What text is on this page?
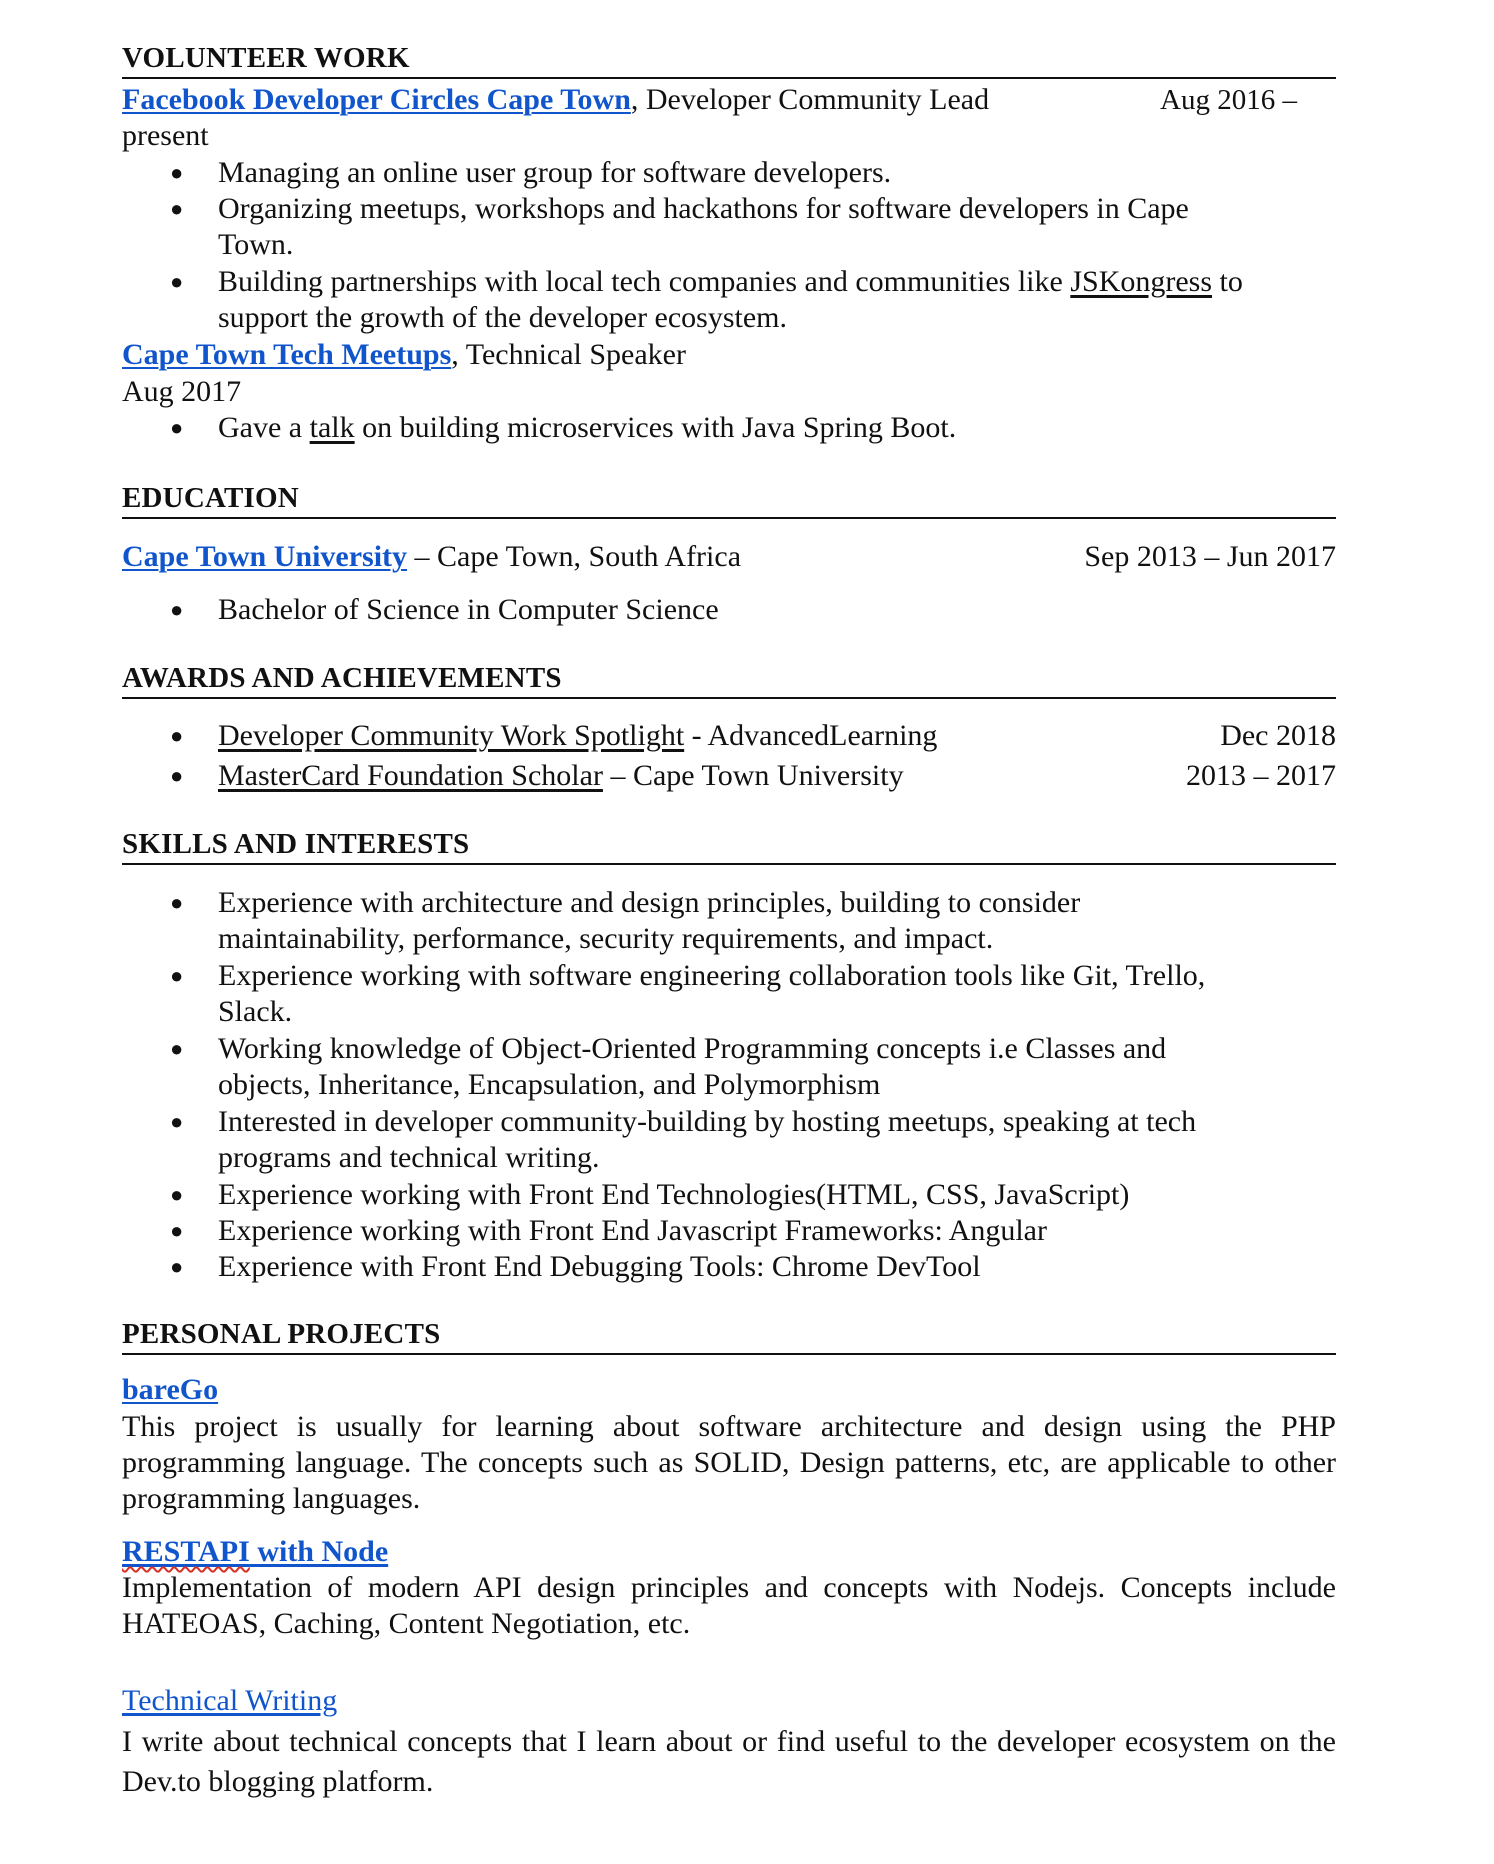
VOLUNTEER WORK
Facebook Developer Circles Cape Town, Developer Community Lead	Aug 2016 –
present
● Managing an online user group for software developers.
● Organizing meetups, workshops and hackathons for software developers in Cape Town.
● Building partnerships with local tech companies and communities like JSKongress to support the growth of the developer ecosystem.
Cape Town Tech Meetups, Technical Speaker
Aug 2017
● Gave a talk on building microservices with Java Spring Boot.
EDUCATION
Cape Town University – Cape Town, South Africa	Sep 2013 – Jun 2017
● Bachelor of Science in Computer Science
AWARDS AND ACHIEVEMENTS
● Developer Community Work Spotlight - AdvancedLearning	Dec 2018
● MasterCard Foundation Scholar – Cape Town University	2013 – 2017
SKILLS AND INTERESTS
● Experience with architecture and design principles, building to consider maintainability, performance, security requirements, and impact.
● Experience working with software engineering collaboration tools like Git, Trello, Slack.
● Working knowledge of Object-Oriented Programming concepts i.e Classes and objects, Inheritance, Encapsulation, and Polymorphism
● Interested in developer community-building by hosting meetups, speaking at tech programs and technical writing.
● Experience working with Front End Technologies(HTML, CSS, JavaScript)
● Experience working with Front End Javascript Frameworks: Angular
● Experience with Front End Debugging Tools: Chrome DevTool
PERSONAL PROJECTS
bareGo
This project is usually for learning about software architecture and design using the PHP programming language. The concepts such as SOLID, Design patterns, etc, are applicable to other programming languages.
RESTAPI with Node
Implementation of modern API design principles and concepts with Nodejs. Concepts include HATEOAS, Caching, Content Negotiation, etc.
Technical Writing
I write about technical concepts that I learn about or find useful to the developer ecosystem on the Dev.to blogging platform.
